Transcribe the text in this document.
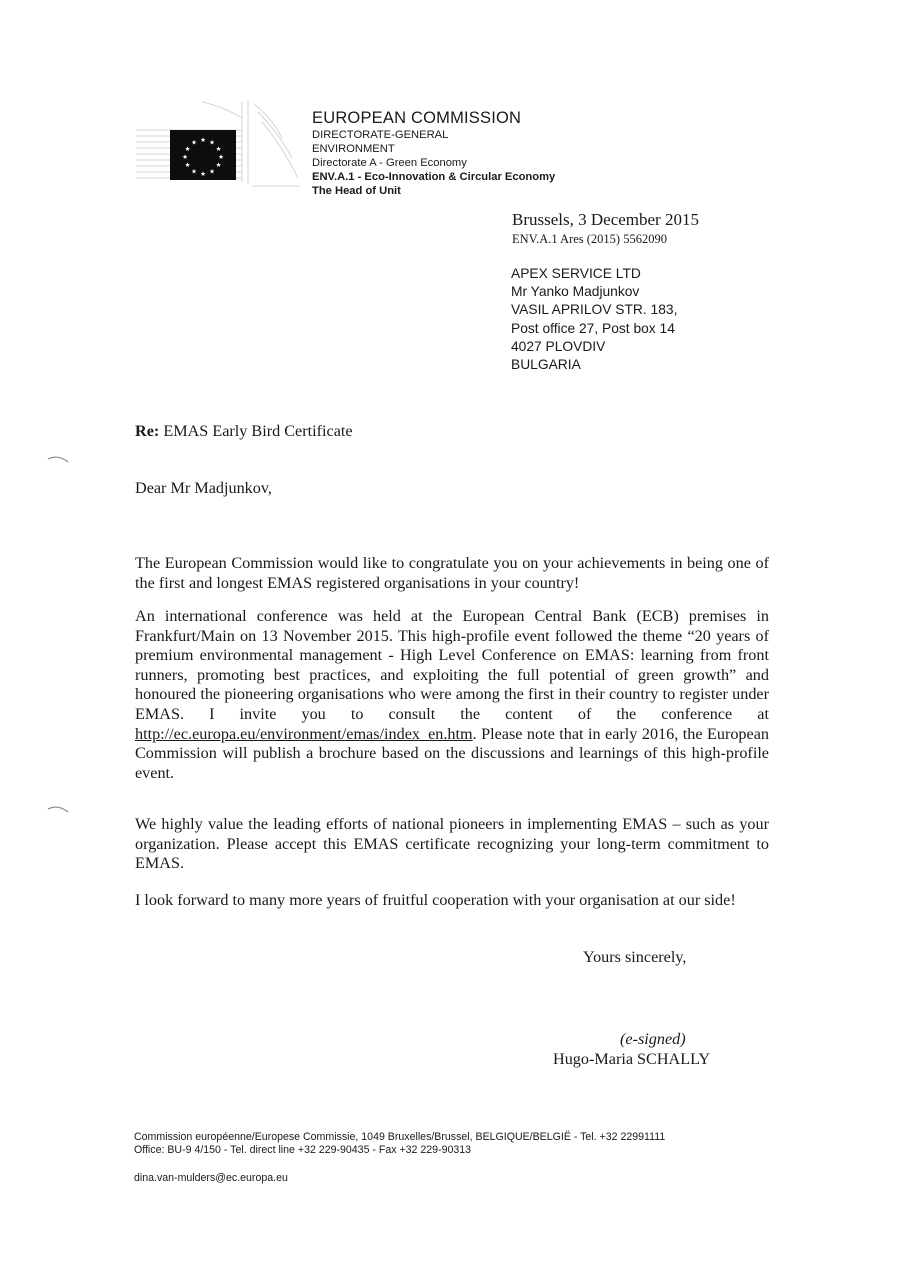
★ ★
★
★
★
★
★
★
★
★
★
★
EUROPEAN COMMISSION
DIRECTORATE-GENERAL
ENVIRONMENT
Directorate A - Green Economy
ENV.A.1 - Eco-Innovation & Circular Economy
The Head of Unit
Brussels, 3 December 2015
ENV.A.1 Ares (2015) 5562090
APEX SERVICE LTD
Mr Yanko Madjunkov
VASIL APRILOV STR. 183,
Post office 27, Post box 14
4027 PLOVDIV
BULGARIA
Re: EMAS Early Bird Certificate
Dear Mr Madjunkov,
The European Commission would like to congratulate you on your achievements in being one of the first and longest EMAS registered organisations in your country!
An international conference was held at the European Central Bank (ECB) premises in Frankfurt/Main on 13 November 2015. This high-profile event followed the theme “20 years of premium environmental management - High Level Conference on EMAS: learning from front runners, promoting best practices, and exploiting the full potential of green growth” and honoured the pioneering organisations who were among the first in their country to register under EMAS. I invite you to consult the content of the conference at http://ec.europa.eu/environment/emas/index_en.htm. Please note that in early 2016, the European Commission will publish a brochure based on the discussions and learnings of this high-profile event.
We highly value the leading efforts of national pioneers in implementing EMAS – such as your organization. Please accept this EMAS certificate recognizing your long-term commitment to EMAS.
I look forward to many more years of fruitful cooperation with your organisation at our side!
Yours sincerely,
(e-signed)
Hugo-Maria SCHALLY
Commission européenne/Europese Commissie, 1049 Bruxelles/Brussel, BELGIQUE/BELGIË - Tel. +32 22991111
Office: BU-9 4/150 - Tel. direct line +32 229-90435 - Fax +32 229-90313
dina.van-mulders@ec.europa.eu
